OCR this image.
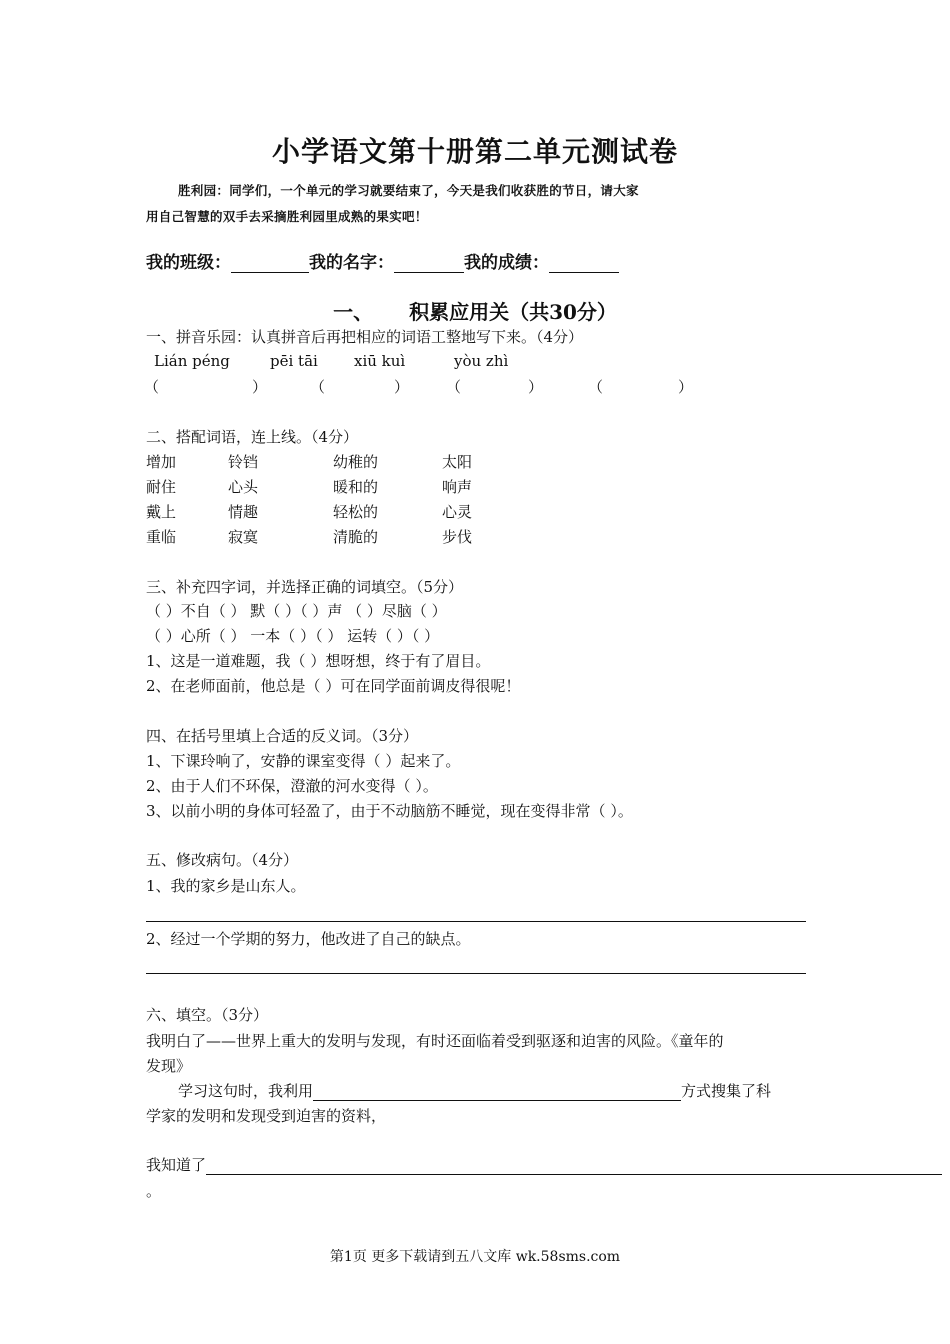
小学语文第十册第二单元测试卷
胜利园：同学们，一个单元的学习就要结束了，今天是我们收获胜的节日，请大家
用自己智慧的双手去采摘胜利园里成熟的果实吧！
我的班级：	我的名字：	我的成绩：
一、 积累应用关（共30分）
一、拼音乐园：认真拼音后再把相应的词语工整地写下来。（4分）
Lián péng	pēi tāi xiū kuì	yòu zhì
（	）	（	） （	）	（	）
二、搭配词语，连上线。（4分）
增加	铃铛	幼稚的	太阳
耐住	心头	暖和的	响声
戴上	情趣	轻松的	心灵
重临	寂寞	清脆的	步伐
三、补充四字词，并选择正确的词填空。（5分）
（ ）不自（ ） 默（ ）（ ）声 （ ）尽脑（ ）
（ ）心所（ ） 一本（ ）（ ） 运转（ ）（ ）
1、这是一道难题，我（ ）想呀想，终于有了眉目。
2、在老师面前，他总是（ ）可在同学面前调皮得很呢！
四、在括号里填上合适的反义词。（3分）
1、下课玲响了，安静的课室变得（ ）起来了。
2、由于人们不环保，澄澈的河水变得（ ）。
3、以前小明的身体可轻盈了，由于不动脑筋不睡觉，现在变得非常（ ）。
五、修改病句。（4分）
1、我的家乡是山东人。
2、经过一个学期的努力，他改进了自己的缺点。
六、填空。（3分）
我明白了——世界上重大的发明与发现，有时还面临着受到驱逐和迫害的风险。《童年的
发现》
学习这句时，我利用	方式搜集了科
学家的发明和发现受到迫害的资料，
我知道了
。
第1页 更多下载请到五八文库 wk.58sms.com
